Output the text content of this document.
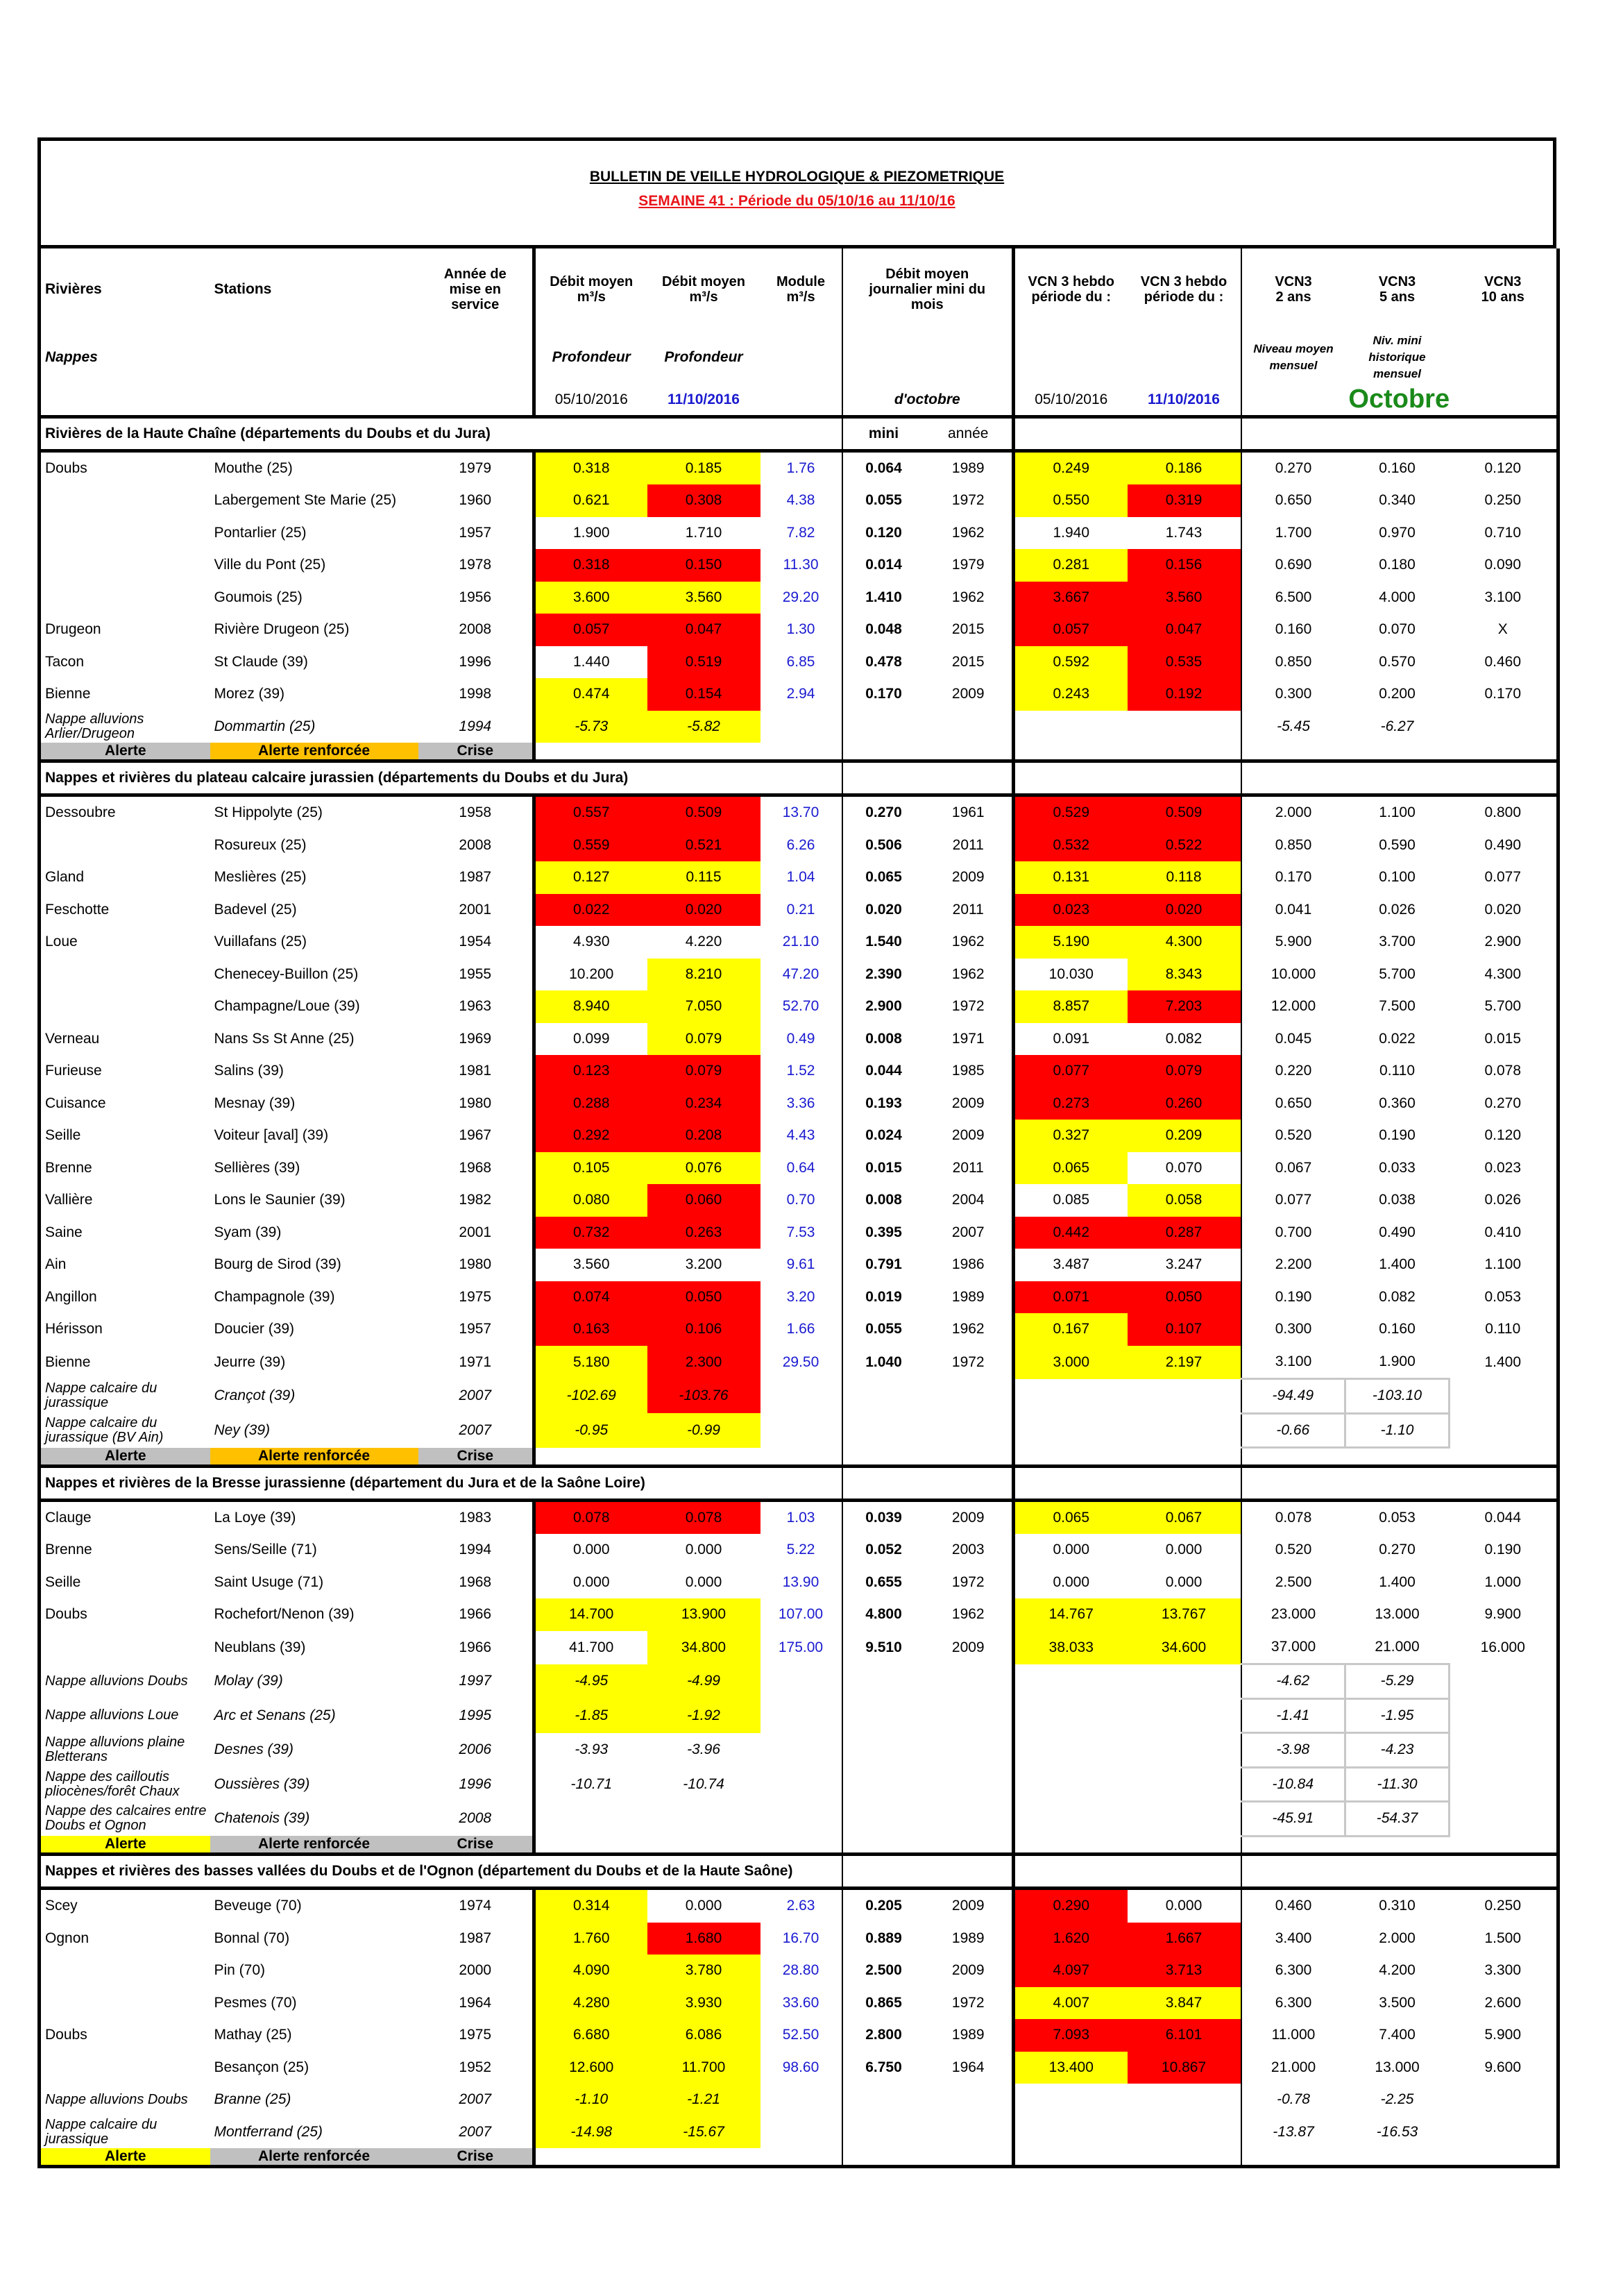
BULLETIN DE VEILLE HYDROLOGIQUE & PIEZOMETRIQUE
SEMAINE 41 : Période du 05/10/16 au 11/10/16
Rivières	Stations	Année de mise en service	Débit moyen m³/s	Débit moyen m³/s	Module m³/s	Débit moyen journalier mini du mois		VCN 3 hebdo période du :	VCN 3 hebdo période du :	VCN3 2 ans	VCN3 5 ans	VCN3 10 ans
Nappes			Profondeur	Profondeur						Niveau moyen mensuel	Niv. mini historique mensuel	
			05/10/2016	11/10/2016		d'octobre		05/10/2016	11/10/2016	Octobre		
Rivières de la Haute Chaîne (départements du Doubs et du Jura)						mini	année					
Doubs	Mouthe (25)	1979	0.318	0.185	1.76	0.064	1989	0.249	0.186	0.270	0.160	0.120
	Labergement Ste Marie (25)	1960	0.621	0.308	4.38	0.055	1972	0.550	0.319	0.650	0.340	0.250
	Pontarlier (25)	1957	1.900	1.710	7.82	0.120	1962	1.940	1.743	1.700	0.970	0.710
	Ville du Pont (25)	1978	0.318	0.150	11.30	0.014	1979	0.281	0.156	0.690	0.180	0.090
	Goumois (25)	1956	3.600	3.560	29.20	1.410	1962	3.667	3.560	6.500	4.000	3.100
Drugeon	Rivière Drugeon (25)	2008	0.057	0.047	1.30	0.048	2015	0.057	0.047	0.160	0.070	X
Tacon	St Claude (39)	1996	1.440	0.519	6.85	0.478	2015	0.592	0.535	0.850	0.570	0.460
Bienne	Morez (39)	1998	0.474	0.154	2.94	0.170	2009	0.243	0.192	0.300	0.200	0.170
Nappe alluvions Arlier/Drugeon	Dommartin (25)	1994	-5.73	-5.82						-5.45	-6.27	
Alerte	Alerte renforcée	Crise										
Nappes et rivières du plateau calcaire jurassien (départements du Doubs et du Jura)												
Dessoubre	St Hippolyte (25)	1958	0.557	0.509	13.70	0.270	1961	0.529	0.509	2.000	1.100	0.800
	Rosureux (25)	2008	0.559	0.521	6.26	0.506	2011	0.532	0.522	0.850	0.590	0.490
Gland	Meslières (25)	1987	0.127	0.115	1.04	0.065	2009	0.131	0.118	0.170	0.100	0.077
Feschotte	Badevel (25)	2001	0.022	0.020	0.21	0.020	2011	0.023	0.020	0.041	0.026	0.020
Loue	Vuillafans (25)	1954	4.930	4.220	21.10	1.540	1962	5.190	4.300	5.900	3.700	2.900
	Chenecey-Buillon (25)	1955	10.200	8.210	47.20	2.390	1962	10.030	8.343	10.000	5.700	4.300
	Champagne/Loue (39)	1963	8.940	7.050	52.70	2.900	1972	8.857	7.203	12.000	7.500	5.700
Verneau	Nans Ss St Anne (25)	1969	0.099	0.079	0.49	0.008	1971	0.091	0.082	0.045	0.022	0.015
Furieuse	Salins (39)	1981	0.123	0.079	1.52	0.044	1985	0.077	0.079	0.220	0.110	0.078
Cuisance	Mesnay (39)	1980	0.288	0.234	3.36	0.193	2009	0.273	0.260	0.650	0.360	0.270
Seille	Voiteur [aval] (39)	1967	0.292	0.208	4.43	0.024	2009	0.327	0.209	0.520	0.190	0.120
Brenne	Sellières (39)	1968	0.105	0.076	0.64	0.015	2011	0.065	0.070	0.067	0.033	0.023
Vallière	Lons le Saunier (39)	1982	0.080	0.060	0.70	0.008	2004	0.085	0.058	0.077	0.038	0.026
Saine	Syam (39)	2001	0.732	0.263	7.53	0.395	2007	0.442	0.287	0.700	0.490	0.410
Ain	Bourg de Sirod (39)	1980	3.560	3.200	9.61	0.791	1986	3.487	3.247	2.200	1.400	1.100
Angillon	Champagnole (39)	1975	0.074	0.050	3.20	0.019	1989	0.071	0.050	0.190	0.082	0.053
Hérisson	Doucier (39)	1957	0.163	0.106	1.66	0.055	1962	0.167	0.107	0.300	0.160	0.110
Bienne	Jeurre (39)	1971	5.180	2.300	29.50	1.040	1972	3.000	2.197	3.100	1.900	1.400
Nappe calcaire du jurassique	Crançot (39)	2007	-102.69	-103.76						-94.49	-103.10	
Nappe calcaire du jurassique (BV Ain)	Ney (39)	2007	-0.95	-0.99						-0.66	-1.10	
Alerte	Alerte renforcée	Crise										
Nappes et rivières de la Bresse jurassienne (département du Jura et de la Saône Loire)												
Clauge	La Loye (39)	1983	0.078	0.078	1.03	0.039	2009	0.065	0.067	0.078	0.053	0.044
Brenne	Sens/Seille (71)	1994	0.000	0.000	5.22	0.052	2003	0.000	0.000	0.520	0.270	0.190
Seille	Saint Usuge (71)	1968	0.000	0.000	13.90	0.655	1972	0.000	0.000	2.500	1.400	1.000
Doubs	Rochefort/Nenon (39)	1966	14.700	13.900	107.00	4.800	1962	14.767	13.767	23.000	13.000	9.900
	Neublans (39)	1966	41.700	34.800	175.00	9.510	2009	38.033	34.600	37.000	21.000	16.000
Nappe alluvions Doubs	Molay (39)	1997	-4.95	-4.99						-4.62	-5.29	
Nappe alluvions Loue	Arc et Senans (25)	1995	-1.85	-1.92						-1.41	-1.95	
Nappe alluvions plaine Bletterans	Desnes (39)	2006	-3.93	-3.96						-3.98	-4.23	
Nappe des cailloutis pliocènes/forêt Chaux	Oussières (39)	1996	-10.71	-10.74						-10.84	-11.30	
Nappe des calcaires entre Doubs et Ognon	Chatenois (39)	2008								-45.91	-54.37	
Alerte	Alerte renforcée	Crise										
Nappes et rivières des basses vallées du Doubs et de l'Ognon (département du Doubs et de la Haute Saône)												
Scey	Beveuge (70)	1974	0.314	0.000	2.63	0.205	2009	0.290	0.000	0.460	0.310	0.250
Ognon	Bonnal (70)	1987	1.760	1.680	16.70	0.889	1989	1.620	1.667	3.400	2.000	1.500
	Pin (70)	2000	4.090	3.780	28.80	2.500	2009	4.097	3.713	6.300	4.200	3.300
	Pesmes (70)	1964	4.280	3.930	33.60	0.865	1972	4.007	3.847	6.300	3.500	2.600
Doubs	Mathay (25)	1975	6.680	6.086	52.50	2.800	1989	7.093	6.101	11.000	7.400	5.900
	Besançon (25)	1952	12.600	11.700	98.60	6.750	1964	13.400	10.867	21.000	13.000	9.600
Nappe alluvions Doubs	Branne (25)	2007	-1.10	-1.21						-0.78	-2.25	
Nappe calcaire du jurassique	Montferrand (25)	2007	-14.98	-15.67						-13.87	-16.53	
Alerte	Alerte renforcée	Crise										
